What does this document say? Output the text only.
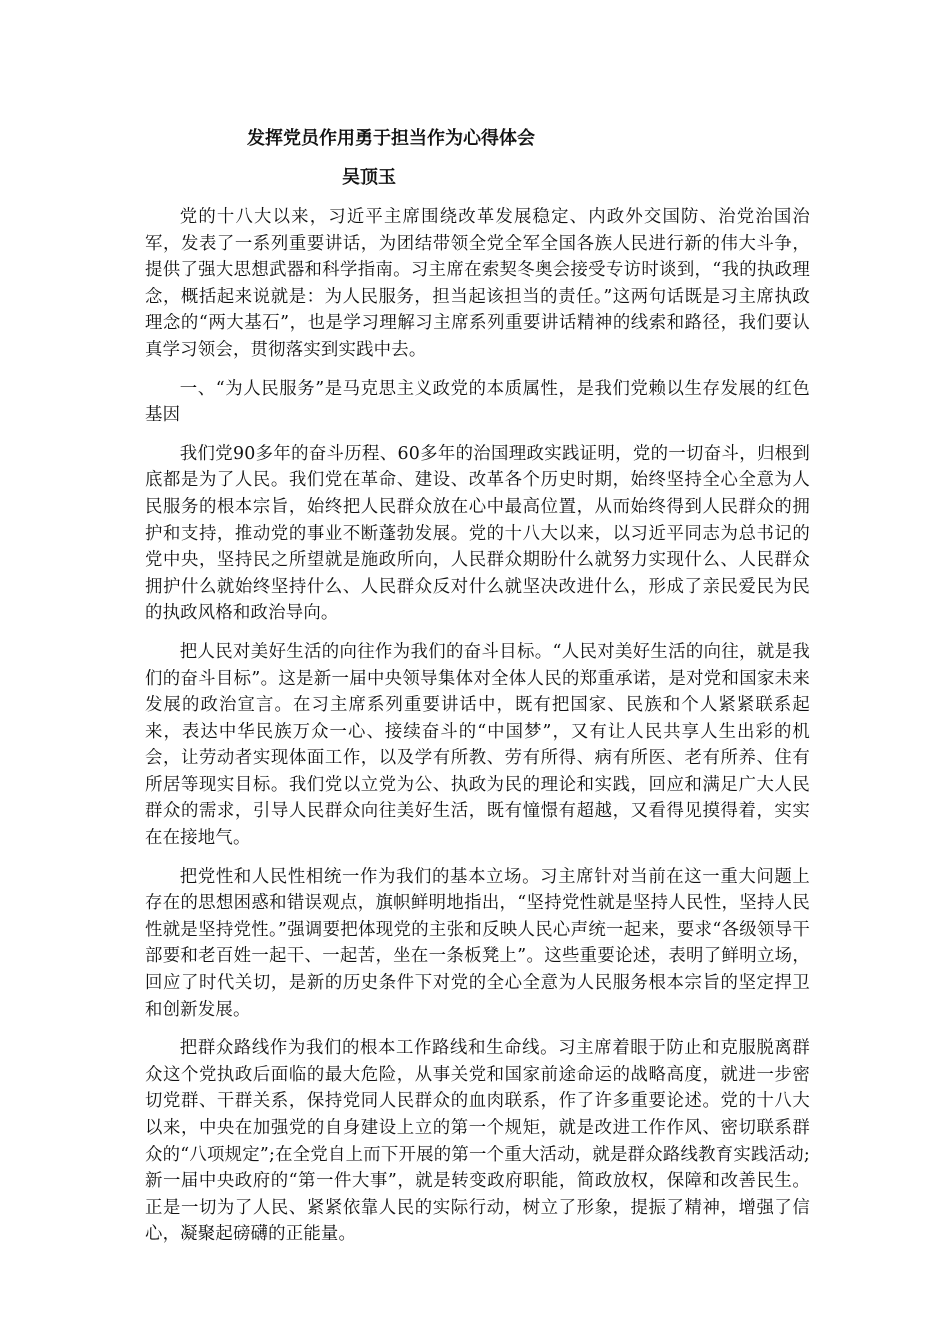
发挥党员作用勇于担当作为心得体会

吴顶玉

党的十八大以来，习近平主席围绕改革发展稳定、内政外交国防、治党治国治军，发表了一系列重要讲话，为团结带领全党全军全国各族人民进行新的伟大斗争，提供了强大思想武器和科学指南。习主席在索契冬奥会接受专访时谈到，“我的执政理念，概括起来说就是：为人民服务，担当起该担当的责任。”这两句话既是习主席执政理念的“两大基石”，也是学习理解习主席系列重要讲话精神的线索和路径，我们要认真学习领会，贯彻落实到实践中去。

一、“为人民服务”是马克思主义政党的本质属性，是我们党赖以生存发展的红色基因

我们党90多年的奋斗历程、60多年的治国理政实践证明，党的一切奋斗，归根到底都是为了人民。我们党在革命、建设、改革各个历史时期，始终坚持全心全意为人民服务的根本宗旨，始终把人民群众放在心中最高位置，从而始终得到人民群众的拥护和支持，推动党的事业不断蓬勃发展。党的十八大以来，以习近平同志为总书记的党中央，坚持民之所望就是施政所向，人民群众期盼什么就努力实现什么、人民群众拥护什么就始终坚持什么、人民群众反对什么就坚决改进什么，形成了亲民爱民为民的执政风格和政治导向。

把人民对美好生活的向往作为我们的奋斗目标。“人民对美好生活的向往，就是我们的奋斗目标”。这是新一届中央领导集体对全体人民的郑重承诺，是对党和国家未来发展的政治宣言。在习主席系列重要讲话中，既有把国家、民族和个人紧紧联系起来，表达中华民族万众一心、接续奋斗的“中国梦”，又有让人民共享人生出彩的机会，让劳动者实现体面工作，以及学有所教、劳有所得、病有所医、老有所养、住有所居等现实目标。我们党以立党为公、执政为民的理论和实践，回应和满足广大人民群众的需求，引导人民群众向往美好生活，既有憧憬有超越，又看得见摸得着，实实在在接地气。

把党性和人民性相统一作为我们的基本立场。习主席针对当前在这一重大问题上存在的思想困惑和错误观点，旗帜鲜明地指出，“坚持党性就是坚持人民性，坚持人民性就是坚持党性。”强调要把体现党的主张和反映人民心声统一起来，要求“各级领导干部要和老百姓一起干、一起苦，坐在一条板凳上”。这些重要论述，表明了鲜明立场，回应了时代关切，是新的历史条件下对党的全心全意为人民服务根本宗旨的坚定捍卫和创新发展。

把群众路线作为我们的根本工作路线和生命线。习主席着眼于防止和克服脱离群众这个党执政后面临的最大危险，从事关党和国家前途命运的战略高度，就进一步密切党群、干群关系，保持党同人民群众的血肉联系，作了许多重要论述。党的十八大以来，中央在加强党的自身建设上立的第一个规矩，就是改进工作作风、密切联系群众的“八项规定”;在全党自上而下开展的第一个重大活动，就是群众路线教育实践活动;新一届中央政府的“第一件大事”，就是转变政府职能，简政放权，保障和改善民生。正是一切为了人民、紧紧依靠人民的实际行动，树立了形象，提振了精神，增强了信心，凝聚起磅礴的正能量。
